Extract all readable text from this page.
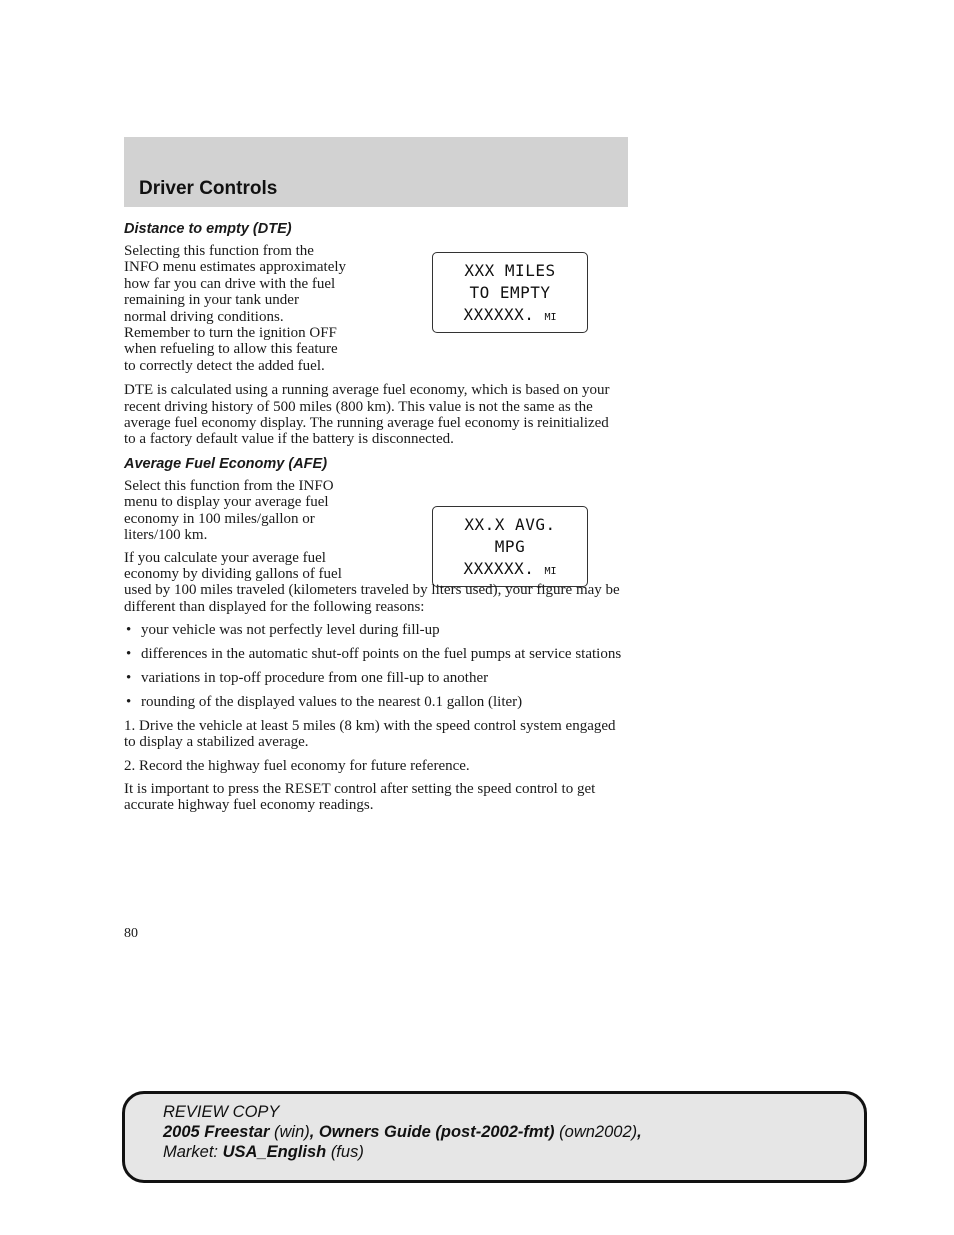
Driver Controls
XXX MILES
TO EMPTY
XXXXXX. MI
XX.X AVG.
MPG
XXXXXX. MI
Distance to empty (DTE)
Selecting this function from the
INFO menu estimates approximately
how far you can drive with the fuel
remaining in your tank under
normal driving conditions.
Remember to turn the ignition OFF
when refueling to allow this feature
to correctly detect the added fuel.

DTE is calculated using a running average fuel economy, which is based on your recent driving history of 500 miles (800 km). This value is not the same as the average fuel economy display. The running average fuel economy is reinitialized to a factory default value if the battery is disconnected.

Average Fuel Economy (AFE)
Select this function from the INFO
menu to display your average fuel
economy in 100 miles/gallon or
liters/100 km.
If you calculate your average fuel
economy by dividing gallons of fuel
used by 100 miles traveled (kilometers traveled by liters used), your figure may be different than displayed for the following reasons:
• your vehicle was not perfectly level during fill-up
• differences in the automatic shut-off points on the fuel pumps at service stations
• variations in top-off procedure from one fill-up to another
• rounding of the displayed values to the nearest 0.1 gallon (liter)

1. Drive the vehicle at least 5 miles (8 km) with the speed control system engaged to display a stabilized average.

2. Record the highway fuel economy for future reference.

It is important to press the RESET control after setting the speed control to get accurate highway fuel economy readings.

80
REVIEW COPY
2005 Freestar (win), Owners Guide (post-2002-fmt) (own2002),
Market: USA_English (fus)
